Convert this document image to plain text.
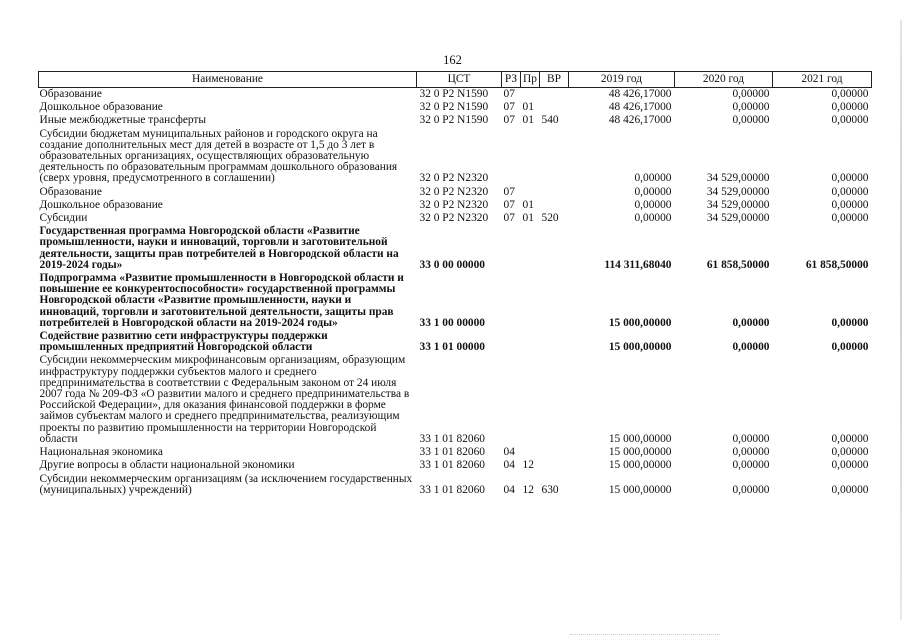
162
Наименование	ЦСТ	РЗ	Пр	ВР	2019 год	2020 год	2021 год
Образование	32 0 Р2 N1590	07			48 426,17000	0,00000	0,00000
Дошкольное образование	32 0 Р2 N1590	07	01		48 426,17000	0,00000	0,00000
Иные межбюджетные трансферты	32 0 Р2 N1590	07	01	540	48 426,17000	0,00000	0,00000
Субсидии бюджетам муниципальных районов и городского округа на создание дополнительных мест для детей в возрасте от 1,5 до 3 лет в образовательных организациях, осуществляющих образовательную деятельность по образовательным программам дошкольного образования (сверх уровня, предусмотренного в соглашении)	32 0 Р2 N2320				0,00000	34 529,00000	0,00000
Образование	32 0 Р2 N2320	07			0,00000	34 529,00000	0,00000
Дошкольное образование	32 0 Р2 N2320	07	01		0,00000	34 529,00000	0,00000
Субсидии	32 0 Р2 N2320	07	01	520	0,00000	34 529,00000	0,00000
Государственная программа Новгородской области «Развитие промышленности, науки и инноваций, торговли и заготовительной деятельности, защиты прав потребителей в Новгородской области на 2019-2024 годы»	33 0 00 00000				114 311,68040	61 858,50000	61 858,50000
Подпрограмма «Развитие промышленности в Новгородской области и повышение ее конкурентоспособности» государственной программы Новгородской области «Развитие промышленности, науки и инноваций, торговли и заготовительной деятельности, защиты прав потребителей в Новгородской области на 2019-2024 годы»	33 1 00 00000				15 000,00000	0,00000	0,00000
Содействие развитию сети инфраструктуры поддержки промышленных предприятий Новгородской области	33 1 01 00000				15 000,00000	0,00000	0,00000
Субсидии некоммерческим микрофинансовым организациям, образующим инфраструктуру поддержки субъектов малого и среднего предпринимательства в соответствии с Федеральным законом от 24 июля 2007 года № 209-ФЗ «О развитии малого и среднего предпринимательства в Российской Федерации», для оказания финансовой поддержки в форме займов субъектам малого и среднего предпринимательства, реализующим проекты по развитию промышленности на территории Новгородской области	33 1 01 82060				15 000,00000	0,00000	0,00000
Национальная экономика	33 1 01 82060	04			15 000,00000	0,00000	0,00000
Другие вопросы в области национальной экономики	33 1 01 82060	04	12		15 000,00000	0,00000	0,00000
Субсидии некоммерческим организациям (за исключением государственных (муниципальных) учреждений)	33 1 01 82060	04	12	630	15 000,00000	0,00000	0,00000
